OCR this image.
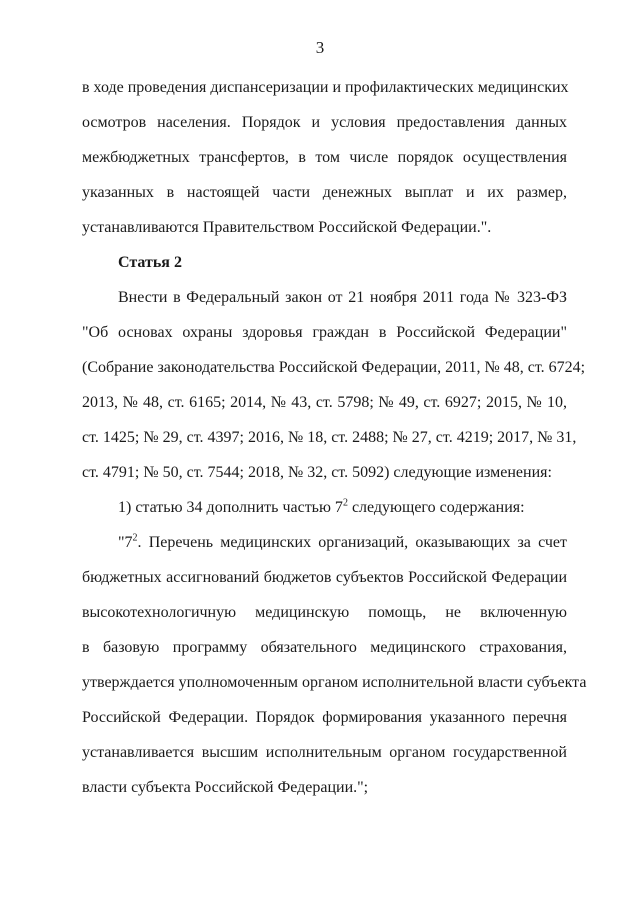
3
в ходе проведения диспансеризации и профилактических медицинских
осмотров населения. Порядок и условия предоставления данных
межбюджетных трансфертов, в том числе порядок осуществления
указанных в настоящей части денежных выплат и их размер,
устанавливаются Правительством Российской Федерации.".
Статья 2
Внести в Федеральный закон от 21 ноября 2011 года № 323-ФЗ
"Об основах охраны здоровья граждан в Российской Федерации"
(Собрание законодательства Российской Федерации, 2011, № 48, ст. 6724;
2013, № 48, ст. 6165; 2014, № 43, ст. 5798; № 49, ст. 6927; 2015, № 10,
ст. 1425; № 29, ст. 4397; 2016, № 18, ст. 2488; № 27, ст. 4219; 2017, № 31,
ст. 4791; № 50, ст. 7544; 2018, № 32, ст. 5092) следующие изменения:
1) статью 34 дополнить частью $7^2$ следующего содержания:
"$7^2$. Перечень медицинских организаций, оказывающих за счет
бюджетных ассигнований бюджетов субъектов Российской Федерации
высокотехнологичную медицинскую помощь, не включенную
в базовую программу обязательного медицинского страхования,
утверждается уполномоченным органом исполнительной власти субъекта
Российской Федерации. Порядок формирования указанного перечня
устанавливается высшим исполнительным органом государственной
власти субъекта Российской Федерации.";
